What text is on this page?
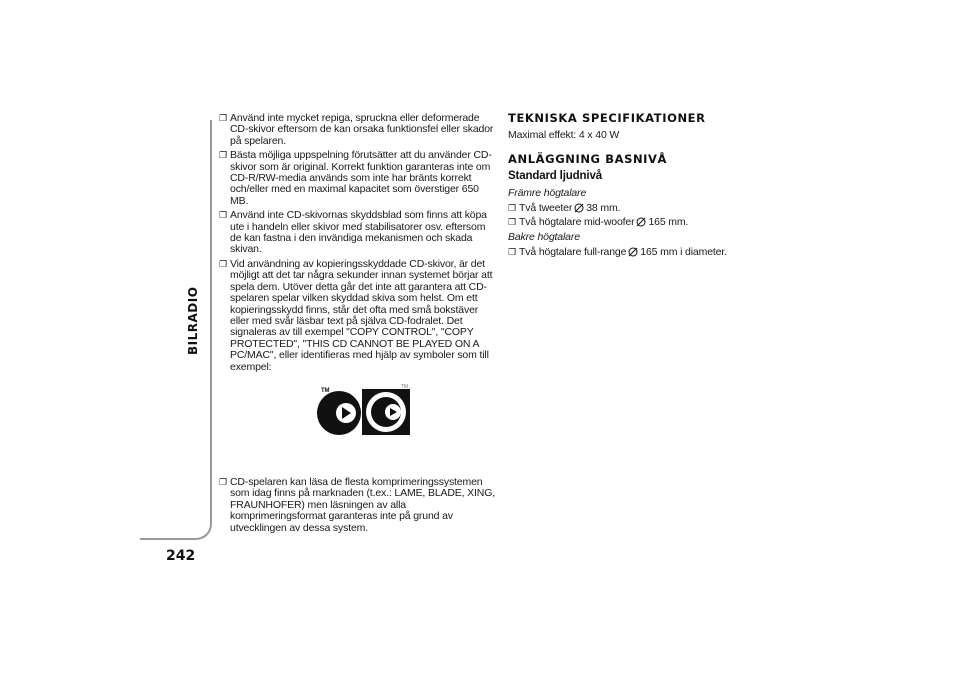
BILRADIO
242
❐ Använd inte mycket repiga, spruckna eller deformerade CD-skivor eftersom de kan orsaka funktionsfel eller skador på spelaren.
❐ Bästa möjliga uppspelning förutsätter att du använder CD-skivor som är original. Korrekt funktion garanteras inte om CD-R/RW-media används som inte har bränts korrekt och/eller med en maximal kapacitet som överstiger 650 MB.
❐ Använd inte CD-skivornas skyddsblad som finns att köpa ute i handeln eller skivor med stabilisatorer osv. eftersom de kan fastna i den invändiga mekanismen och skada skivan.
❐ Vid användning av kopieringsskyddade CD-skivor, är det möjligt att det tar några sekunder innan systemet börjar att spela dem. Utöver detta går det inte att garantera att CD-spelaren spelar vilken skyddad skiva som helst. Om ett kopieringsskydd finns, står det ofta med små bokstäver eller med svår läsbar text på själva CD-fodralet. Det signaleras av till exempel "COPY CONTROL", "COPY PROTECTED", "THIS CD CANNOT BE PLAYED ON A PC/MAC", eller identifieras med hjälp av symboler som till exempel:
TM
TM
❐ CD-spelaren kan läsa de flesta komprimeringssystemen som idag finns på marknaden (t.ex.: LAME, BLADE, XING, FRAUNHOFER) men läsningen av alla komprimeringsformat garanteras inte på grund av utvecklingen av dessa system.
TEKNISKA SPECIFIKATIONER
Maximal effekt: 4 x 40 W
ANLÄGGNING BASNIVÅ
Standard ljudnivå
Främre högtalare
❐ Två tweeter 38 mm.
❐ Två högtalare mid-woofer 165 mm.
Bakre högtalare
❐ Två högtalare full-range 165 mm i diameter.
